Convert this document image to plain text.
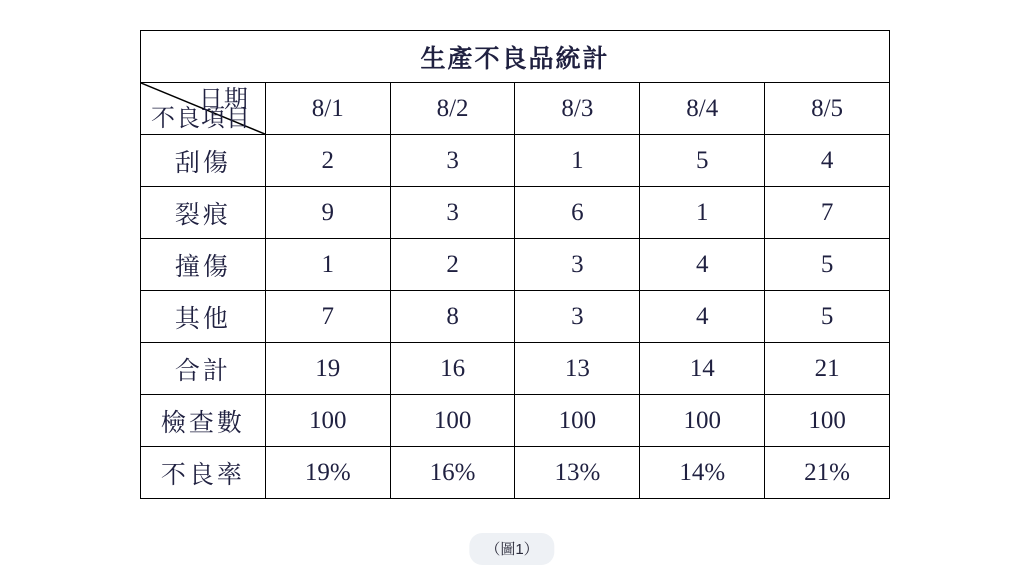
生產不良品統計					

日期
不良項目	8/1	8/2	8/3	8/4	8/5
刮傷	2	3	1	5	4
裂痕	9	3	6	1	7
撞傷	1	2	3	4	5
其他	7	8	3	4	5
合計	19	16	13	14	21
檢查數	100	100	100	100	100
不良率	19%	16%	13%	14%	21%
（圖1）
